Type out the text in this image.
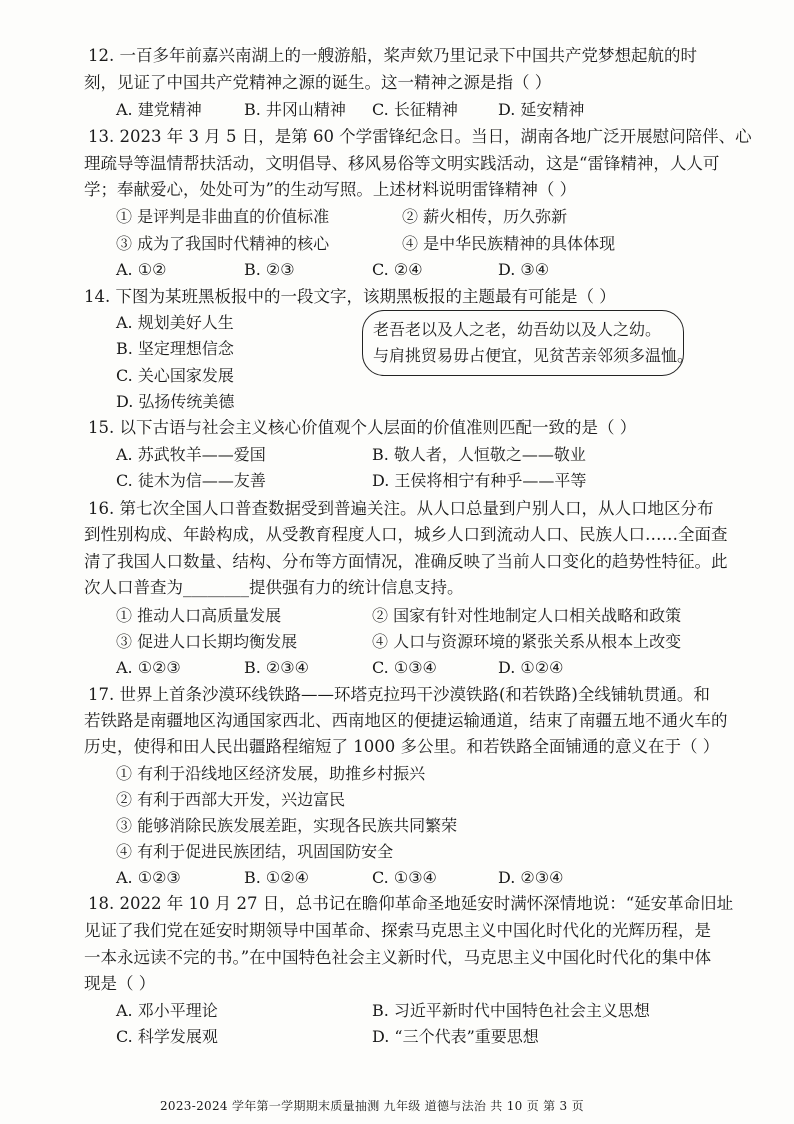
12. 一百多年前嘉兴南湖上的一艘游船，桨声欸乃里记录下中国共产党梦想起航的时
刻，见证了中国共产党精神之源的诞生。这一精神之源是指（ ）
A. 建党精神	B. 井冈山精神 C. 长征精神	D. 延安精神
13. 2023 年 3 月 5 日，是第 60 个学雷锋纪念日。当日，湖南各地广泛开展慰问陪伴、心
理疏导等温情帮扶活动，文明倡导、移风易俗等文明实践活动，这是“雷锋精神，人人可
学；奉献爱心，处处可为”的生动写照。上述材料说明雷锋精神（ ）
① 是评判是非曲直的价值标准	② 薪火相传，历久弥新
③ 成为了我国时代精神的核心	④ 是中华民族精神的具体体现
A. ①②	B. ②③	C. ②④	D. ③④
14. 下图为某班黑板报中的一段文字，该期黑板报的主题最有可能是（ ）
A. 规划美好人生
B. 坚定理想信念
C. 关心国家发展
D. 弘扬传统美德
老吾老以及人之老，幼吾幼以及人之幼。
与肩挑贸易毋占便宜，见贫苦亲邻须多温恤。
15. 以下古语与社会主义核心价值观个人层面的价值准则匹配一致的是（ ）
A. 苏武牧羊——爱国	B. 敬人者，人恒敬之——敬业
C. 徒木为信——友善	D. 王侯将相宁有种乎——平等
16. 第七次全国人口普查数据受到普遍关注。从人口总量到户别人口，从人口地区分布
到性别构成、年龄构成，从受教育程度人口，城乡人口到流动人口、民族人口……全面查
清了我国人口数量、结构、分布等方面情况，准确反映了当前人口变化的趋势性特征。此
次人口普查为________提供强有力的统计信息支持。
① 推动人口高质量发展	② 国家有针对性地制定人口相关战略和政策
③ 促进人口长期均衡发展	④ 人口与资源环境的紧张关系从根本上改变
A. ①②③	B. ②③④	C. ①③④	D. ①②④
17. 世界上首条沙漠环线铁路——环塔克拉玛干沙漠铁路(和若铁路)全线铺轨贯通。和
若铁路是南疆地区沟通国家西北、西南地区的便捷运输通道，结束了南疆五地不通火车的
历史，使得和田人民出疆路程缩短了 1000 多公里。和若铁路全面铺通的意义在于（ ）
① 有利于沿线地区经济发展，助推乡村振兴
② 有利于西部大开发，兴边富民
③ 能够消除民族发展差距，实现各民族共同繁荣
④ 有利于促进民族团结，巩固国防安全
A. ①②③	B. ①②④	C. ①③④	D. ②③④
18. 2022 年 10 月 27 日，总书记在瞻仰革命圣地延安时满怀深情地说：“延安革命旧址
见证了我们党在延安时期领导中国革命、探索马克思主义中国化时代化的光辉历程，是
一本永远读不完的书。”在中国特色社会主义新时代，马克思主义中国化时代化的集中体
现是（ ）
A. 邓小平理论	B. 习近平新时代中国特色社会主义思想
C. 科学发展观	D. “三个代表”重要思想
2023-2024 学年第一学期期末质量抽测 九年级 道德与法治 共 10 页 第 3 页
